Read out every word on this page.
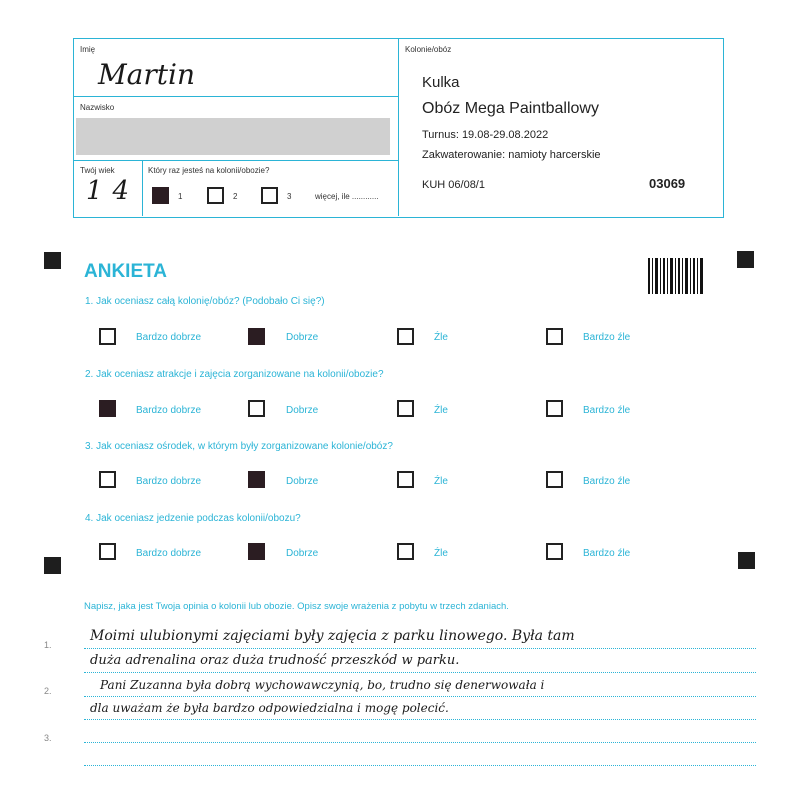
Imię
Martin
Nazwisko
Twój wiek
14
Który raz jesteś na kolonii/obozie?
1	2	3	więcej, ile ............
Kolonie/obóz
Kulka
Obóz Mega Paintballowy
Turnus: 19.08-29.08.2022
Zakwaterowanie: namioty harcerskie
KUH 06/08/1	03069
ANKIETA
1. Jak oceniasz całą kolonię/obóz? (Podobało Ci się?)
Bardzo dobrze	Dobrze	Źle	Bardzo źle
2. Jak oceniasz atrakcje i zajęcia zorganizowane na kolonii/obozie?
Bardzo dobrze	Dobrze	Źle	Bardzo źle
3. Jak oceniasz ośrodek, w którym były zorganizowane kolonie/obóz?
Bardzo dobrze	Dobrze	Źle	Bardzo źle
4. Jak oceniasz jedzenie podczas kolonii/obozu?
Bardzo dobrze	Dobrze	Źle	Bardzo źle
Napisz, jaka jest Twoja opinia o kolonii lub obozie. Opisz swoje wrażenia z pobytu w trzech zdaniach.
1.
2.
3.
Moimi ulubionymi zajęciami były zajęcia z parku linowego. Była tam
duża adrenalina oraz duża trudność przeszkód w parku.
Pani Zuzanna była dobrą wychowawczynią, bo, trudno się denerwowała i
dla uważam że była bardzo odpowiedzialna i mogę polecić.
